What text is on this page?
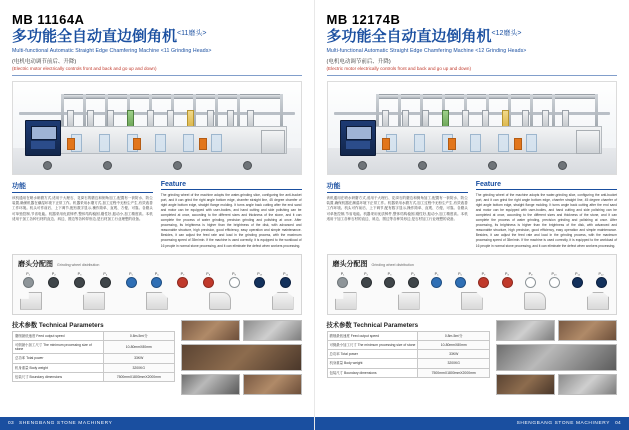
MB 11164A
多功能全自动直边倒角机$^{<11磨头>}$
Multi-functional Automatic Straight Edge Chamfering Machine <11 Grinding Heads>
(电机电动调节前后、升降)
(Electric motor electrically controls front and back and go up and down)
功能
该机通用在喷水研磨方式,适用于大理石、花岗石的磨边和倒角加工,配置有一套防水、防尘装置,确保机器在潮湿环境下正常工作。机器采用水磨方式,加工过程中无粉尘产生,有效改善工作环境。机头可作前后、上下调节,配有数字显示,操作简单、直观、方便、可靠。各磨头可单独控制,节省电能。机器采用优质铸件,整体结构稳固,刚性好,振动小,加工精度高。本机适用于加工各种石材的直边、斜边、圆边等各种异形边,是石材加工行业理想的设备。
Feature
The grinding wheel of the machine adopts the water-grinding slice, configuring the anti-bucket port, and it can grind the right angle bottom edge, chamfer straight line, 45 degree chamfer of right angle bottom edge, straight flange molding. It turns angle back cutting after the end sand and motor can be equipped with user-bodies, and hand cutting and side polishing can be completed at once, according to the different sizes and thickness of the stone, and it can complete the process of water grinding, precision grinding and polishing at once. After processing, its brightness is higher than the brightness of the disk, with advanced and reasonable structure, high precision, good efficiency, easy operation and simple maintenance. Besides, it can adjust the feed rate and load in the grinding process, with the maximum processing speed of 35m/min. If the machine is used correctly, it is equipped to the workload of 16 people in normal stone processing, and it can eliminate the defect when workers processing.
磨头分配图 Grinding wheel distribution
P₁	P₂	P₃	P₄	P₅	P₆	P₇	P₈	P₉	P₁₀	P₁₁
技术参数 Technical Parameters
磨削最低速度 Feed output speed	0.8m-5m/分
可倒最小加工尺寸 The minimum processing size of stone	10-80mmX80mm
总功率 Total power	33KW
机身重量 Body weight	3200KG
包装尺寸 Boundary dimensions	7500mmX1800mmX2000mm
03 SHENGBANG STONE MACHINERY
MB 12174B
多功能全自动直边倒角机$^{<12磨头>}$
Multi-functional Automatic Straight Edge Chamfering Machine <12 Grinding Heads>
(电机电动调节前后、升降)
(Electric motor electrically controls front and back and go up and down)
功能
该机通用在喷水研磨方式,适用于大理石、花岗石的磨边和倒角加工,配置有一套防水、防尘装置,确保机器在潮湿环境下正常工作。机器采用水磨方式,加工过程中无粉尘产生,有效改善工作环境。机头可作前后、上下调节,配有数字显示,操作简单、直观、方便、可靠。各磨头可单独控制,节省电能。机器采用优质铸件,整体结构稳固,刚性好,振动小,加工精度高。本机适用于加工各种石材的直边、斜边、圆边等各种异形边,是石材加工行业理想的设备。
Feature
The grinding wheel of the machine adopts the water-grinding slice, configuring the anti-bucket port, and it can grind the right angle bottom edge, chamfer straight line, 45 degree chamfer of right angle bottom edge, straight flange molding. It turns angle back cutting after the end sand and motor can be equipped with user-bodies, and hand cutting and side polishing can be completed at once, according to the different sizes and thickness of the stone, and it can complete the process of water grinding, precision grinding and polishing at once. After processing, its brightness is higher than the brightness of the disk, with advanced and reasonable structure, high precision, good efficiency, easy operation and simple maintenance. Besides, it can adjust the feed rate and load in the grinding process, with the maximum processing speed of 35m/min. If the machine is used correctly, it is equipped to the workload of 16 people in normal stone processing, and it can eliminate the defect when workers processing.
磨头分配图 Grinding wheel distribution
P₁	P₂	P₃	P₄	P₅	P₆	P₇	P₈	P₉	P₁₀	P₁₁	P₁₂
技术参数 Technical Parameters
磨削最低速度 Feed output speed	0.8m-5m/分
可倒最小加工尺寸 The minimum processing size of stone	10-80mmX80mm
总功率 Total power	33KW
机身重量 Body weight	3200KG
包装尺寸 Boundary dimensions	7500mmX1800mmX2000mm
SHENGBANG STONE MACHINERY 04
